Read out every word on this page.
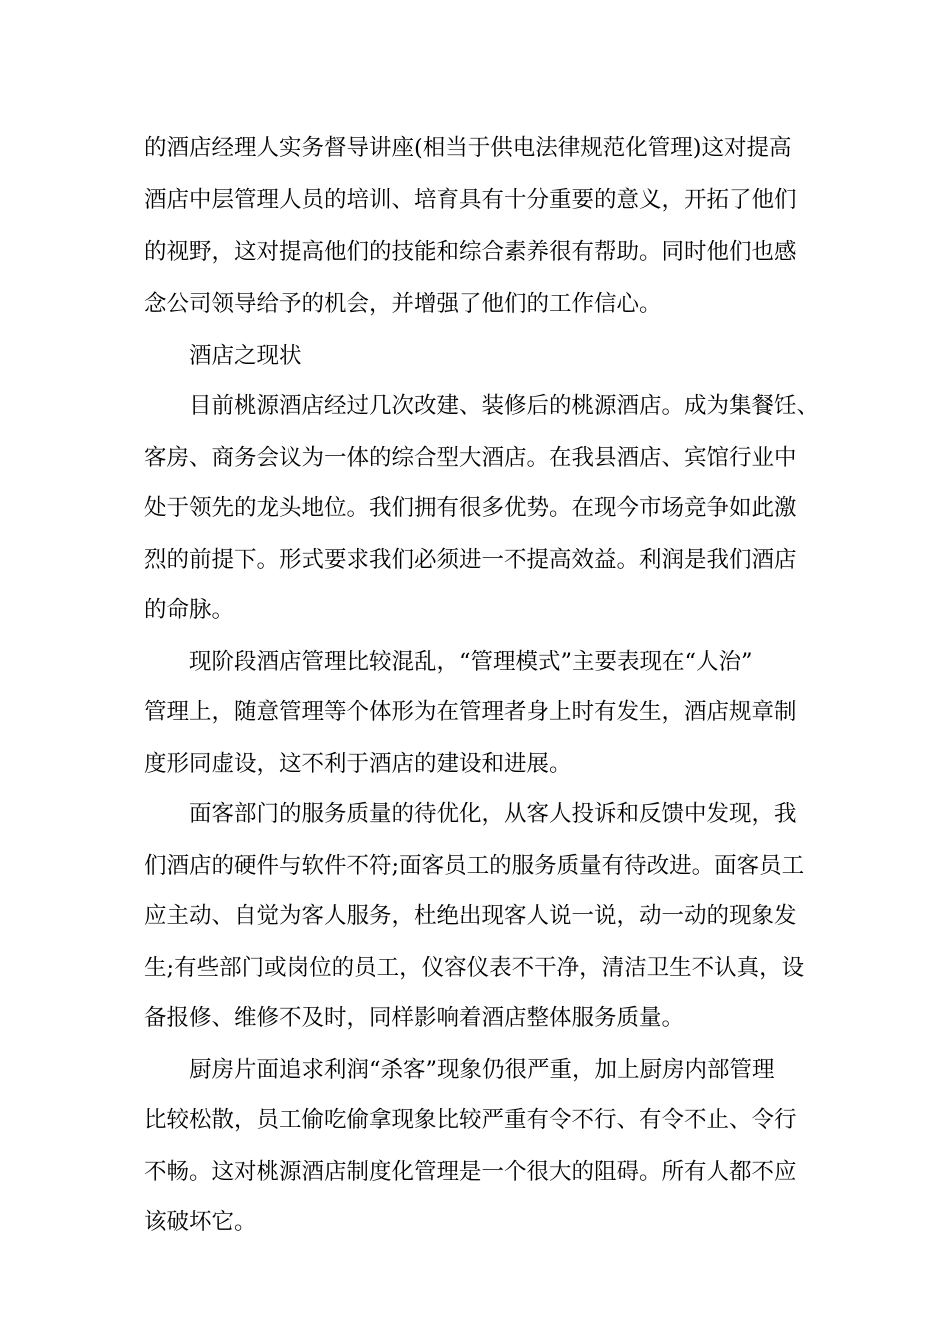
的酒店经理人实务督导讲座(相当于供电法律规范化管理)这对提高
酒店中层管理人员的培训、培育具有十分重要的意义，开拓了他们
的视野，这对提高他们的技能和综合素养很有帮助。同时他们也感
念公司领导给予的机会，并增强了他们的工作信心。
酒店之现状
目前桃源酒店经过几次改建、装修后的桃源酒店。成为集餐饪、
客房、商务会议为一体的综合型大酒店。在我县酒店、宾馆行业中
处于领先的龙头地位。我们拥有很多优势。在现今市场竞争如此激
烈的前提下。形式要求我们必须进一不提高效益。利润是我们酒店
的命脉。
现阶段酒店管理比较混乱，“管理模式”主要表现在“人治”
管理上，随意管理等个体形为在管理者身上时有发生，酒店规章制
度形同虚设，这不利于酒店的建设和进展。
面客部门的服务质量的待优化，从客人投诉和反馈中发现，我
们酒店的硬件与软件不符;面客员工的服务质量有待改进。面客员工
应主动、自觉为客人服务，杜绝出现客人说一说，动一动的现象发
生;有些部门或岗位的员工，仪容仪表不干净，清洁卫生不认真，设
备报修、维修不及时，同样影响着酒店整体服务质量。
厨房片面追求利润“杀客”现象仍很严重，加上厨房内部管理
比较松散，员工偷吃偷拿现象比较严重有令不行、有令不止、令行
不畅。这对桃源酒店制度化管理是一个很大的阻碍。所有人都不应
该破坏它。
